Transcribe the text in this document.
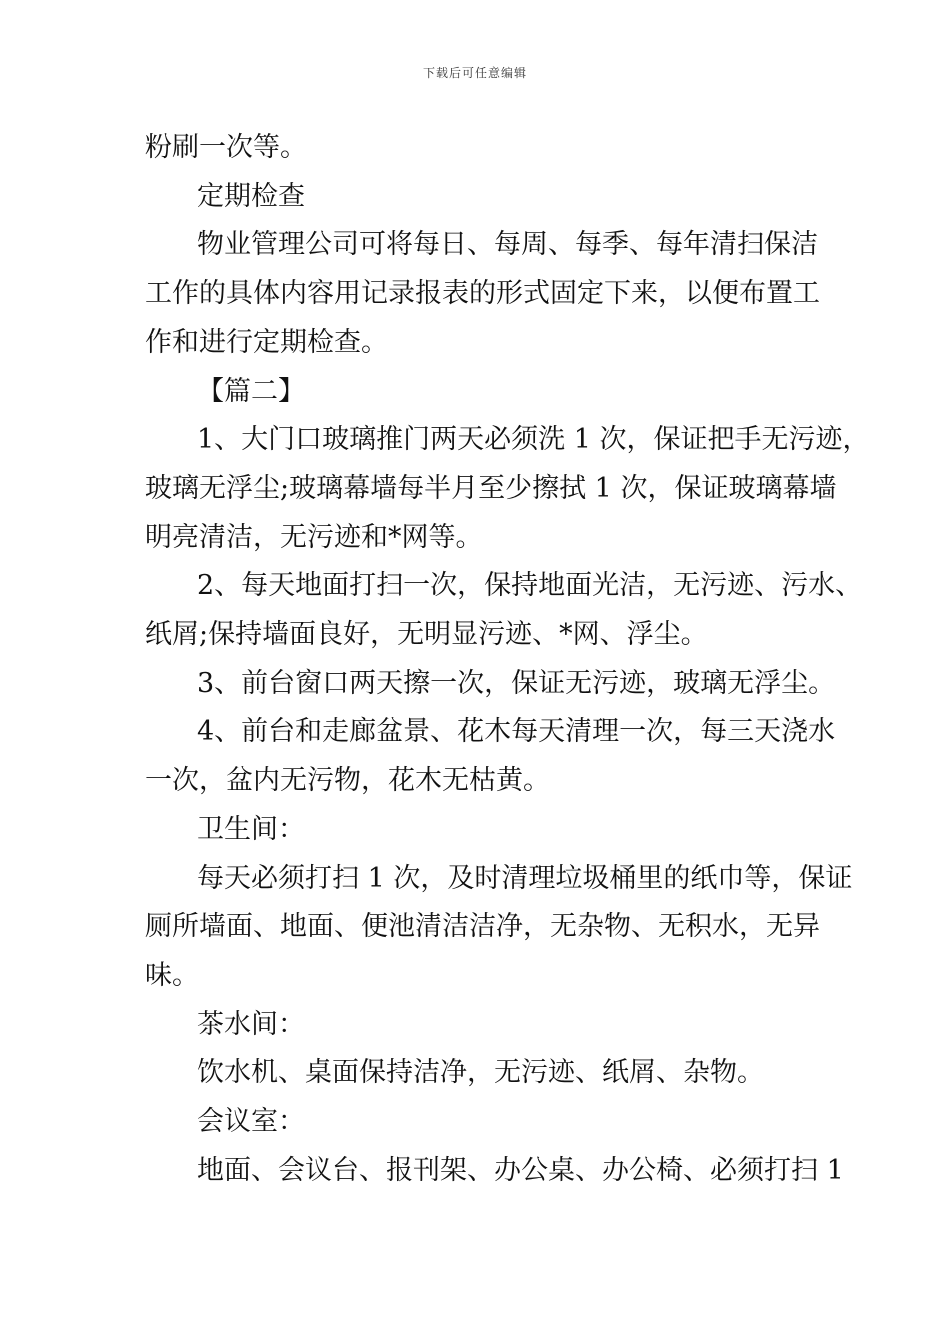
下载后可任意编辑

粉刷一次等。

定期检查

物业管理公司可将每日、每周、每季、每年清扫保洁

工作的具体内容用记录报表的形式固定下来，以便布置工

作和进行定期检查。

【篇二】

1、大门口玻璃推门两天必须洗 1 次，保证把手无污迹，

玻璃无浮尘;玻璃幕墙每半月至少擦拭 1 次，保证玻璃幕墙

明亮清洁，无污迹和*网等。

2、每天地面打扫一次，保持地面光洁，无污迹、污水、

纸屑;保持墙面良好，无明显污迹、*网、浮尘。

3、前台窗口两天擦一次，保证无污迹，玻璃无浮尘。

4、前台和走廊盆景、花木每天清理一次，每三天浇水

一次，盆内无污物，花木无枯黄。

卫生间：

每天必须打扫 1 次，及时清理垃圾桶里的纸巾等，保证

厕所墙面、地面、便池清洁洁净，无杂物、无积水，无异

味。

茶水间：

饮水机、桌面保持洁净，无污迹、纸屑、杂物。

会议室：

地面、会议台、报刊架、办公桌、办公椅、必须打扫 1
